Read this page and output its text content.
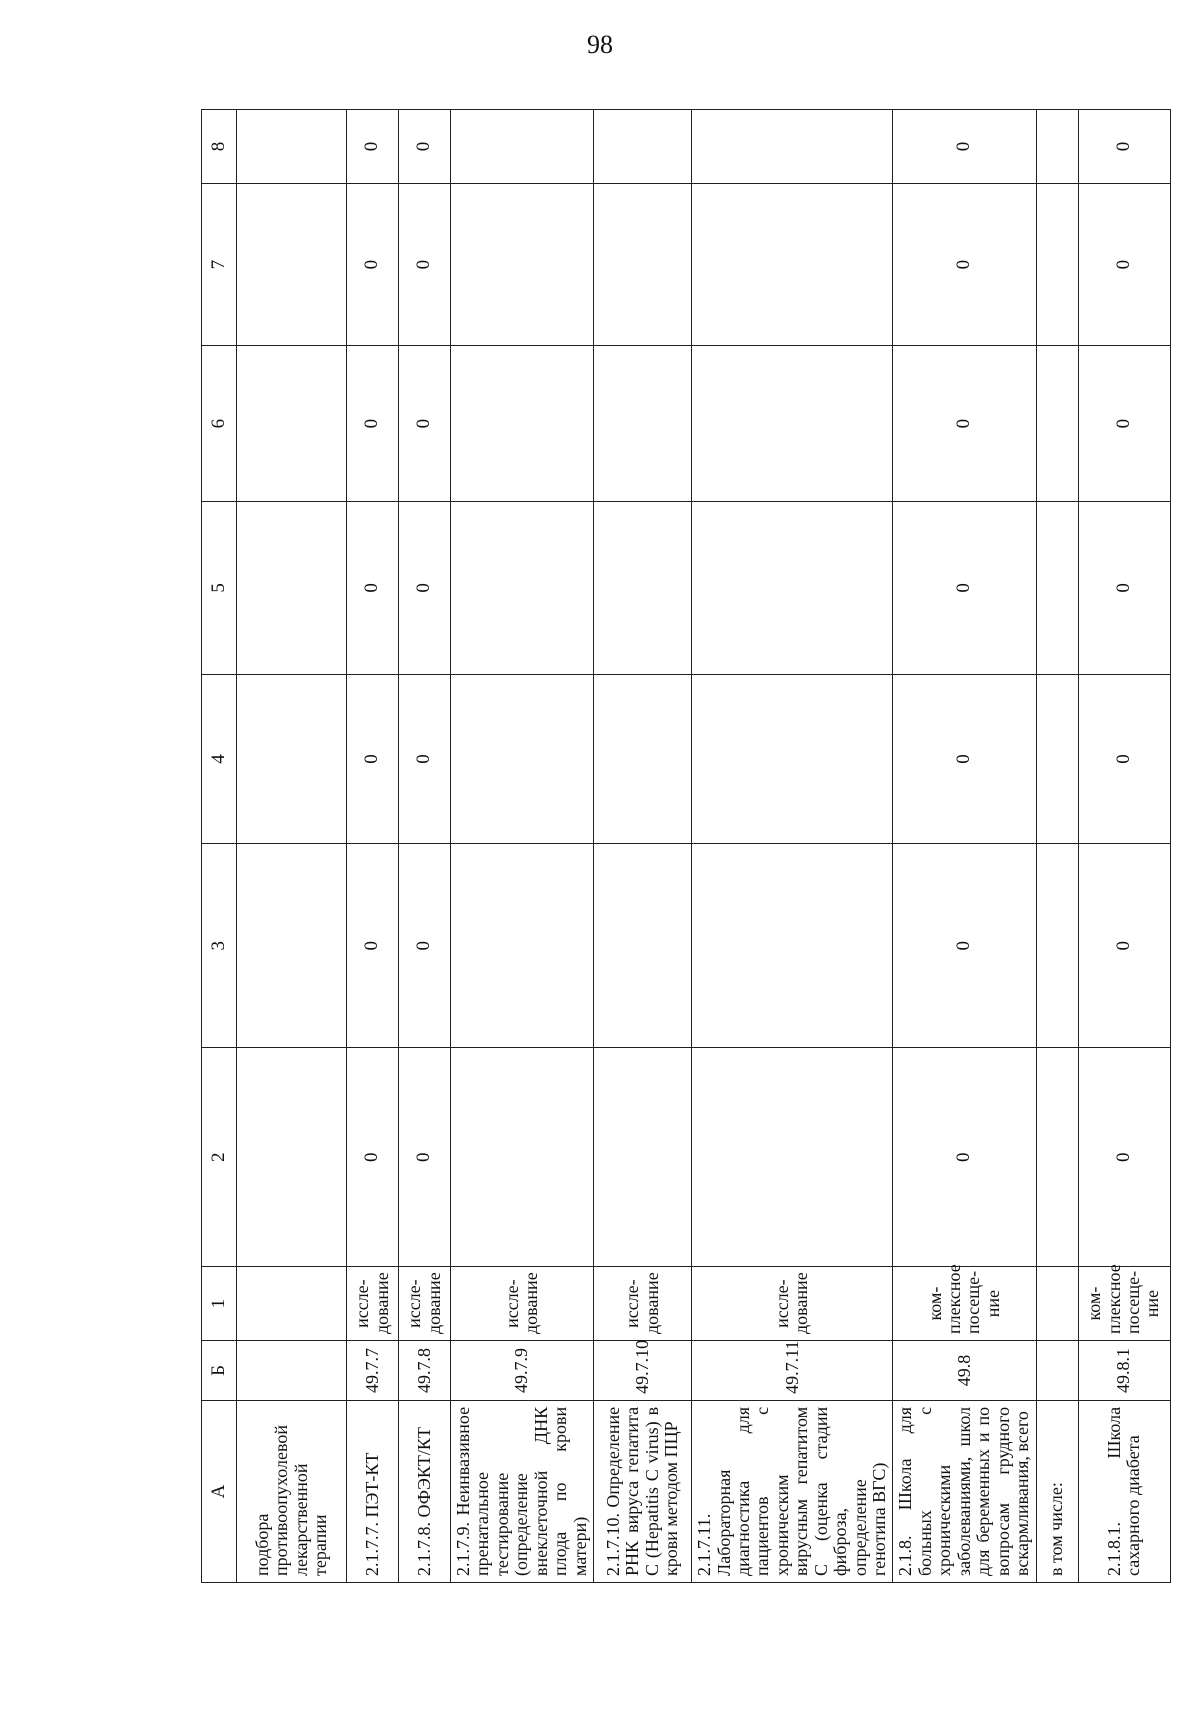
98
А	Б	1	2	3	4	5	6	7	8
подбора противоопухолевой лекарственной терапии									
2.1.7.7. ПЭТ-КТ	49.7.7	иссле-дование	0	0	0	0	0	0	0
2.1.7.8. ОФЭКТ/КТ	49.7.8	иссле-дование	0	0	0	0	0	0	0
2.1.7.9. Неинвазивное пренатальное тестирование (определение внеклеточной ДНК плода по крови матери)	49.7.9	иссле-дование							
2.1.7.10. Определение РНК вируса гепатита С (Hepatitis C virus) в крови методом ПЦР	49.7.10	иссле-дование							
2.1.7.11. Лабораторная диагностика для пациентов с хроническим вирусным гепатитом С (оценка стадии фиброза, определение генотипа ВГС)	49.7.11	иссле-дование							
2.1.8. Школа для больных с хроническими заболеваниями, школ для беременных и по вопросам грудного вскармливания, всего	49.8	ком-плексное посеще-ние	0	0	0	0	0	0	0
в том числе:									
2.1.8.1. Школа сахарного диабета	49.8.1	ком-плексное посеще-ние	0	0	0	0	0	0	0
